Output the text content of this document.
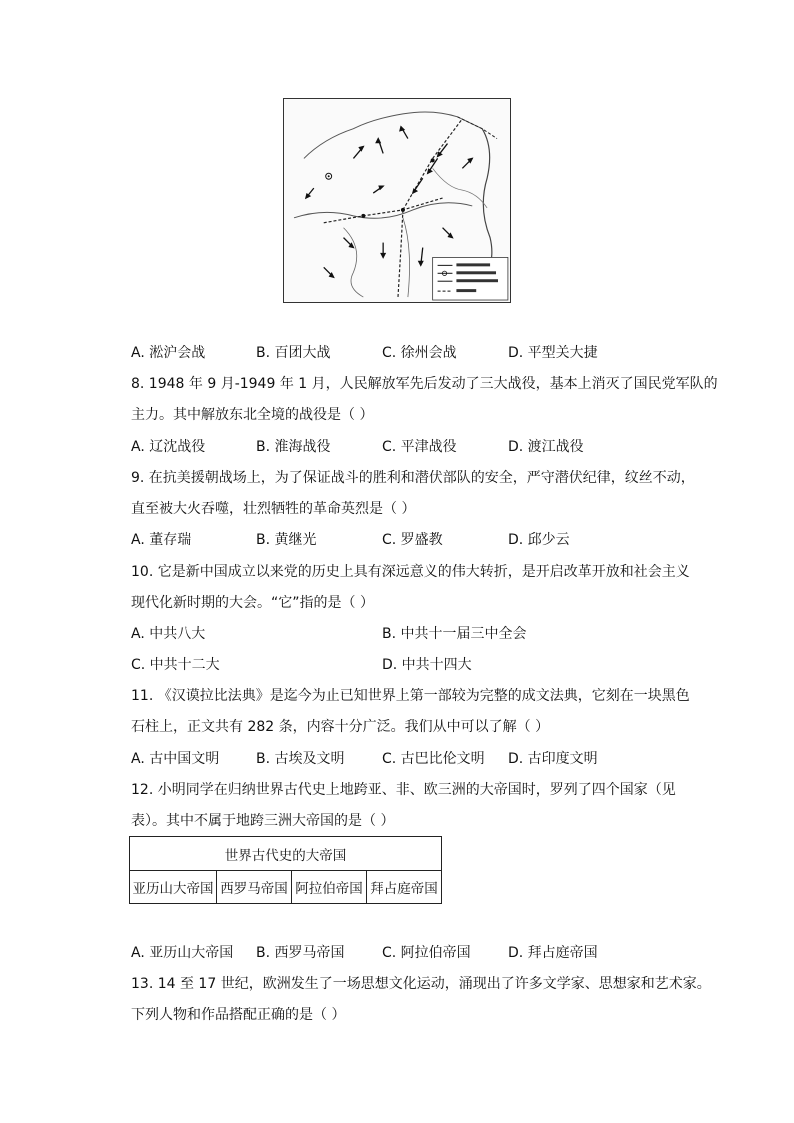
A. 淞沪会战	B. 百团大战	C. 徐州会战	D. 平型关大捷
8. 1948 年 9 月-1949 年 1 月，人民解放军先后发动了三大战役，基本上消灭了国民党军队的
主力。其中解放东北全境的战役是（ ）
A. 辽沈战役	B. 淮海战役	C. 平津战役	D. 渡江战役
9. 在抗美援朝战场上，为了保证战斗的胜利和潜伏部队的安全，严守潜伏纪律，纹丝不动，
直至被大火吞噬，壮烈牺牲的革命英烈是（ ）
A. 董存瑞	B. 黄继光	C. 罗盛教	D. 邱少云
10. 它是新中国成立以来党的历史上具有深远意义的伟大转折，是开启改革开放和社会主义
现代化新时期的大会。“它”指的是（ ）
A. 中共八大	B. 中共十一届三中全会
C. 中共十二大	D. 中共十四大
11. 《汉谟拉比法典》是迄今为止已知世界上第一部较为完整的成文法典，它刻在一块黑色
石柱上，正文共有 282 条，内容十分广泛。我们从中可以了解（ ）
A. 古中国文明	B. 古埃及文明	C. 古巴比伦文明 D. 古印度文明
12. 小明同学在归纳世界古代史上地跨亚、非、欧三洲的大帝国时，罗列了四个国家（见
表）。其中不属于地跨三洲大帝国的是（ ）
世界古代史的大帝国
亚历山大帝国	西罗马帝国	阿拉伯帝国	拜占庭帝国
A. 亚历山大帝国 B. 西罗马帝国	C. 阿拉伯帝国	D. 拜占庭帝国
13. 14 至 17 世纪，欧洲发生了一场思想文化运动，涌现出了许多文学家、思想家和艺术家。
下列人物和作品搭配正确的是（ ）
